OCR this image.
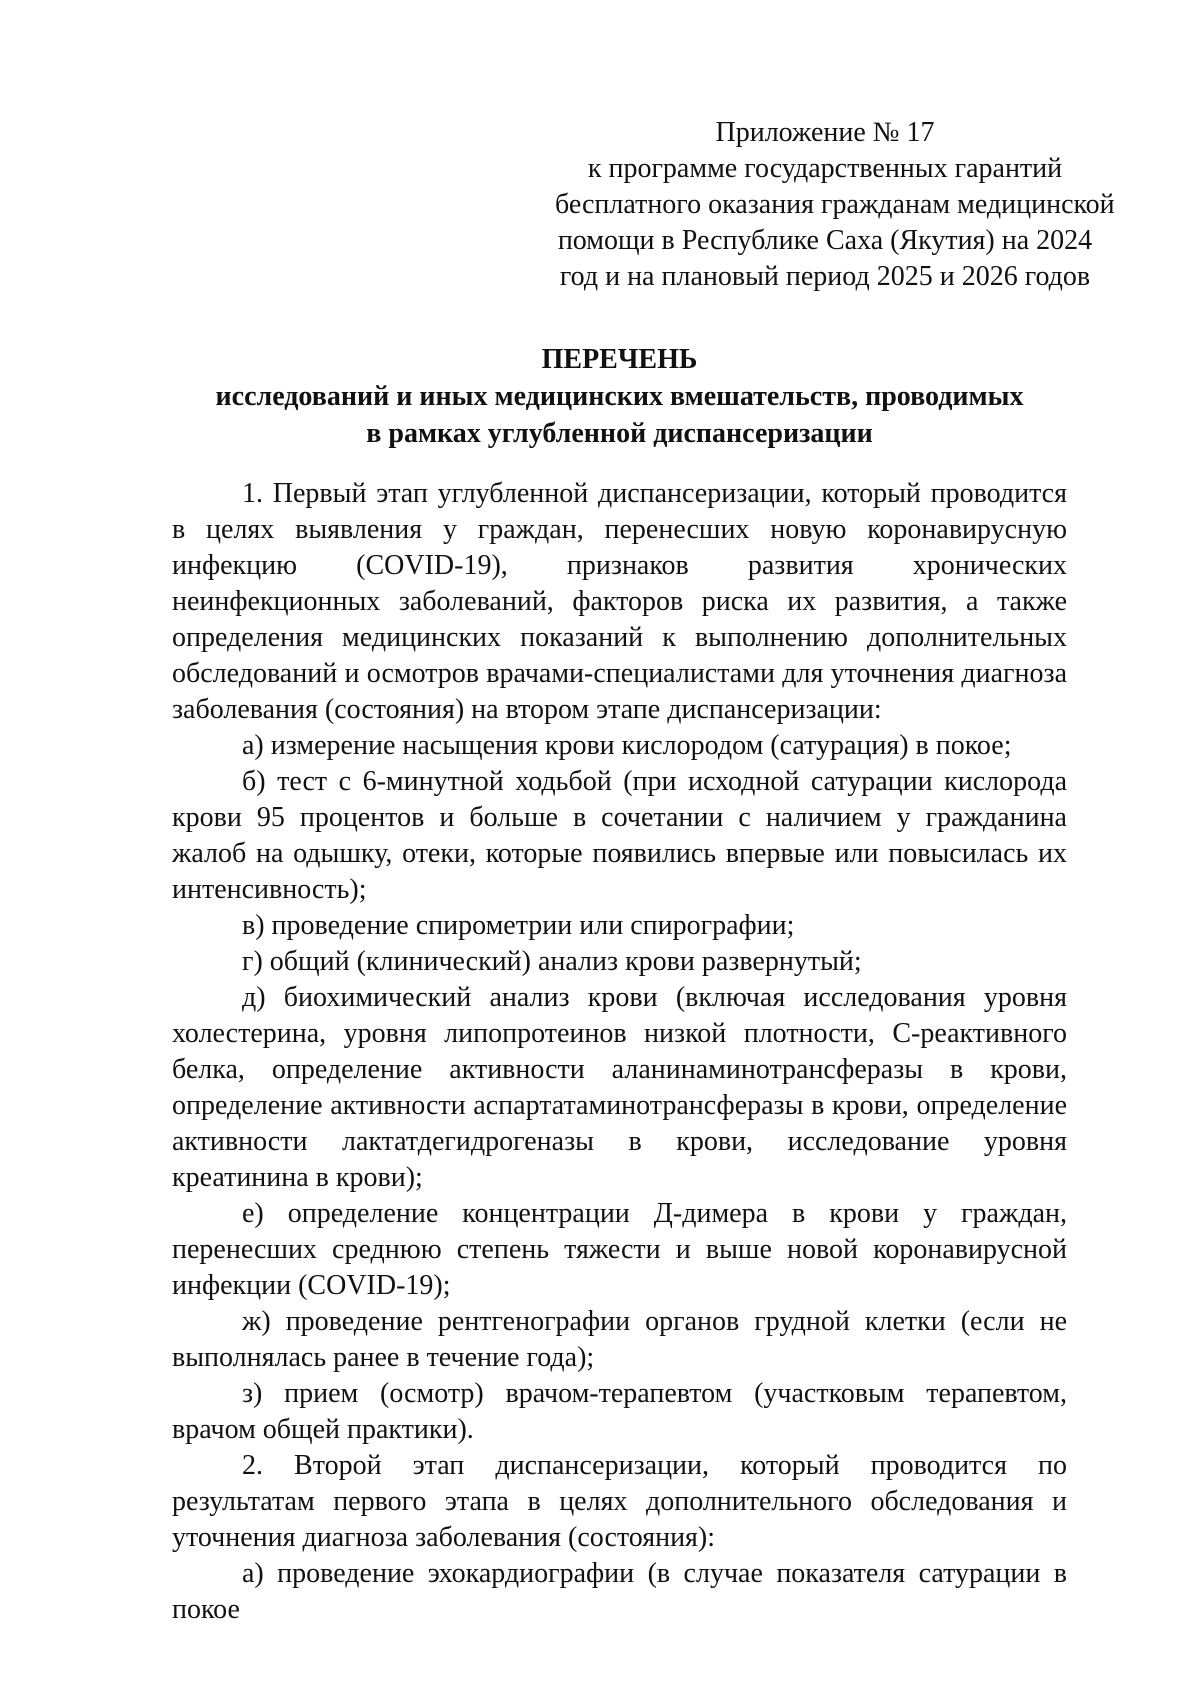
Приложение № 17
к программе государственных гарантий
бесплатного оказания гражданам медицинской
помощи в Республике Саха (Якутия) на 2024
год и на плановый период 2025 и 2026 годов
ПЕРЕЧЕНЬ
исследований и иных медицинских вмешательств, проводимых
в рамках углубленной диспансеризации

1. Первый этап углубленной диспансеризации, который проводится в целях выявления у граждан, перенесших новую коронавирусную инфекцию (COVID-19), признаков развития хронических неинфекционных заболеваний, факторов риска их развития, а также определения медицинских показаний к выполнению дополнительных обследований и осмотров врачами-специалистами для уточнения диагноза заболевания (состояния) на втором этапе диспансеризации:

а) измерение насыщения крови кислородом (сатурация) в покое;

б) тест с 6-минутной ходьбой (при исходной сатурации кислорода крови 95 процентов и больше в сочетании с наличием у гражданина жалоб на одышку, отеки, которые появились впервые или повысилась их интенсивность);

в) проведение спирометрии или спирографии;

г) общий (клинический) анализ крови развернутый;

д) биохимический анализ крови (включая исследования уровня холестерина, уровня липопротеинов низкой плотности, С-реактивного белка, определение активности аланинаминотрансферазы в крови, определение активности аспартатаминотрансферазы в крови, определение активности лактатдегидрогеназы в крови, исследование уровня креатинина в крови);

е) определение концентрации Д-димера в крови у граждан, перенесших среднюю степень тяжести и выше новой коронавирусной инфекции (COVID-19);

ж) проведение рентгенографии органов грудной клетки (если не выполнялась ранее в течение года);

з) прием (осмотр) врачом-терапевтом (участковым терапевтом, врачом общей практики).

2. Второй этап диспансеризации, который проводится по результатам первого этапа в целях дополнительного обследования и уточнения диагноза заболевания (состояния):

а) проведение эхокардиографии (в случае показателя сатурации в покое
